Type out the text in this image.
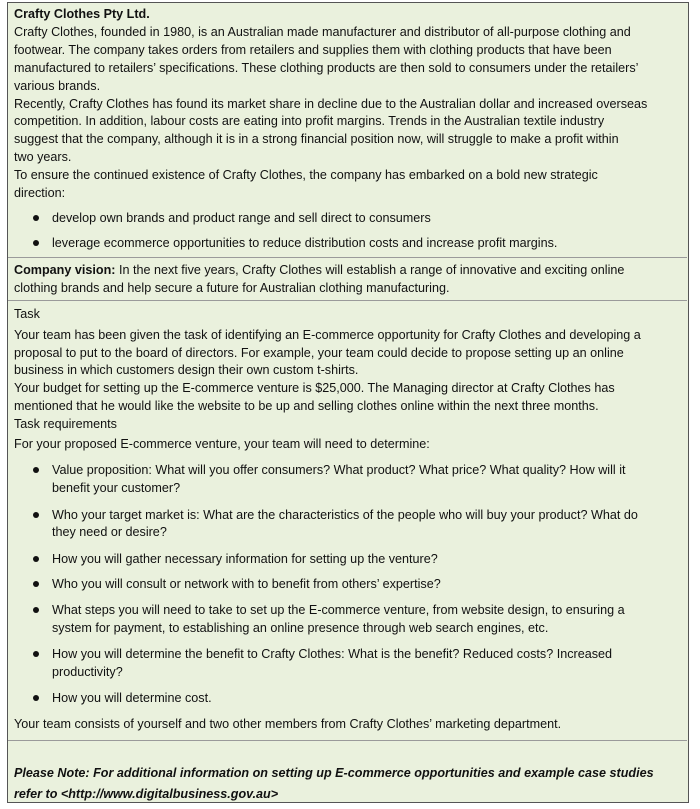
Crafty Clothes Pty Ltd.

Crafty Clothes, founded in 1980, is an Australian made manufacturer and distributor of all-purpose clothing and

footwear. The company takes orders from retailers and supplies them with clothing products that have been

manufactured to retailers’ specifications. These clothing products are then sold to consumers under the retailers’

various brands.

Recently, Crafty Clothes has found its market share in decline due to the Australian dollar and increased overseas

competition. In addition, labour costs are eating into profit margins. Trends in the Australian textile industry

suggest that the company, although it is in a strong financial position now, will struggle to make a profit within

two years.

To ensure the continued existence of Crafty Clothes, the company has embarked on a bold new strategic

direction:

develop own brands and product range and sell direct to consumers

leverage ecommerce opportunities to reduce distribution costs and increase profit margins.

Company vision: In the next five years, Crafty Clothes will establish a range of innovative and exciting online

clothing brands and help secure a future for Australian clothing manufacturing.

Task

Your team has been given the task of identifying an E-commerce opportunity for Crafty Clothes and developing a

proposal to put to the board of directors. For example, your team could decide to propose setting up an online

business in which customers design their own custom t-shirts.

Your budget for setting up the E-commerce venture is $25,000. The Managing director at Crafty Clothes has

mentioned that he would like the website to be up and selling clothes online within the next three months.

Task requirements

For your proposed E-commerce venture, your team will need to determine:

Value proposition: What will you offer consumers? What product? What price? What quality? How will it

benefit your customer?

Who your target market is: What are the characteristics of the people who will buy your product? What do

they need or desire?

How you will gather necessary information for setting up the venture?

Who you will consult or network with to benefit from others’ expertise?

What steps you will need to take to set up the E-commerce venture, from website design, to ensuring a

system for payment, to establishing an online presence through web search engines, etc.

How you will determine the benefit to Crafty Clothes: What is the benefit? Reduced costs? Increased

productivity?

How you will determine cost.

Your team consists of yourself and two other members from Crafty Clothes’ marketing department.

Please Note: For additional information on setting up E-commerce opportunities and example case studies

refer to <http://www.digitalbusiness.gov.au>
